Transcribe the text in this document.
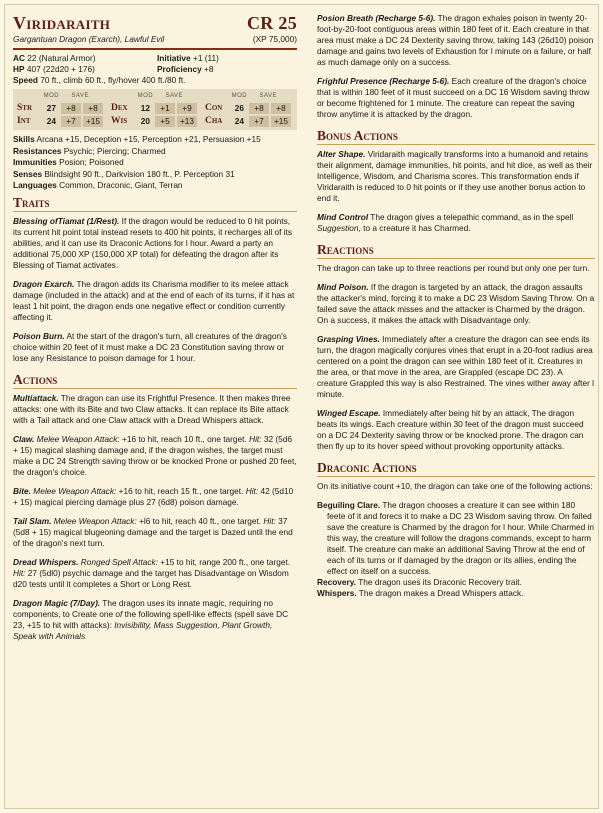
Viridaraith	CR 25
Gargantuan Dragon (Exarch), Lawful Evil	(XP 75,000)
AC 22 (Natural Armor)	Initiative +1 (11)
HP 407 (22d20 + 176)	Proficiency +8
Speed 70 ft., climb 60 ft., fly/hover 400 ft./80 ft.
MOD SAVE	MOD SAVE	MOD SAVE
Str	27	+8	+8	Dex	12	+1	+9	Con	26	+8	+8
Int	24	+7	+15	Wis	20	+5	+13	Cha	24	+7	+15
Skills Arcana +15, Deception +15, Perception +21, Persuasion +15
Resistances Psychic; Piercing; Charmed
Immunities Posion; Poisoned
Senses Blindsight 90 ft., Darkvision 180 ft., P. Perception 31
Languages Common, Draconic, Giant, Terran
Traits
Blessing ofTiamat (1/Rest). If the dragon would be reduced to 0 hit points, its current hit point total instead resets to 400 hit points, it recharges all of its abilities, and it can use its Draconic Actions for l hour. Award a party an additional 75,000 XP (150,000 XP total) for defeating the dragon after its Blessing of Tiamat activates.
Dragon Exarch. The dragon adds its Charisma modifier to its melee attack damage (included in the attack) and at the end of each of its turns, if it has at least 1 hit point, the dragon ends one negative effect or condition currently affecting it.
Poison Burn. At the start of the dragon's turn, all creatures of the dragon's choice within 20 feet of it must make a DC 23 Constitution saving throw or lose any Resistance to poison damage for 1 hour.
Actions
Multiattack. The dragon can use its Frightful Presence. It then makes three attacks: one with its Bite and two Claw attacks. It can replace its Bite attack with a Tail attack and one Claw attack with a Dread Whispers attack.
Claw. Melee Weapon Attack: +16 to hit, reach 10 ft., one target. Hit: 32 (5d6 + 15) magical slashing damage and, if the dragon wishes, the target must make a DC 24 Strength saving throw or be knocked Prone or pushed 20 feet, the dragon's choice.
Bite. Melee Weapon Attack: +16 to hit, reach 15 ft., one target. Hit: 42 (5d10 + 15) magical piercing damage plus 27 (6d8) poison damage.
Tail Slam. Melee Weapon Attack: +l6 to hit, reach 40 ft., one target. Hit: 37 (5d8 + 15) magical blugeoning damage and the target is Dazed until the end of the dragon's next turn.
Dread Whispers. Ronged Spell Attack: +15 to hit, range 200 ft., one target. Hit: 27 (5dl0) psychic damage and the target has Disadvantage on Wisdom d20 tests until it completes a Short or Long Rest.
Dragon Magic (7/Day). The dragon uses its innate magic, requiring no components, to Create one of the following spell-like effects (spell save DC 23, +15 to hit with attacks): Invisibility, Mass Suggestion, Plant Growth, Speak with Animals
Posion Breath (Recharge 5-6). The dragon exhales poison in twenty 20-foot-by-20-foot contiguous areas within 180 feet of it. Each creature in that area must make a DC 24 Dexterity saving throw, taking 143 (26d10) poison damage and gains two levels of Exhaustion for l minute on a failure, or half as much damage only on a success.
Frighful Presence (Recharge 5-6). Each creature of the dragon's choice that is within 180 feet of it must succeed on a DC 16 Wisdom saving throw or become frightened for 1 minute. The creature can repeat the saving throw anytime it is attacked by the dragon.
Bonus Actions
Alter Shape. Viridaraith magically transforms into a humanoid and retains their alignment, damage immunities, hit points, and hit dice, as well as their Intelligence, Wisdom, and Charisma scores. This transformation ends if Viridaraith is reduced to 0 hit points or if they use another bonus action to end it.
Mind Control The dragon gives a telepathic command, as in the spell Suggestion, to a creature it has Charmed.
Reactions
The dragon can take up to three reactions per round but only one per turn.
Mind Poison. If the dragon is targeted by an attack, the dragon assaults the attacker's mind, forcing it to make a DC 23 Wisdom Saving Throw. On a failed save the attack misses and the attacker is Charmed by the dragon. On a success, it makes the attack with Disadvantage only.
Grasping Vines. Immediately after a creature the dragon can see ends its turn, the dragon magically conjures vines that erupt in a 20-foot radius area centered on a point the dragon can see within 180 feet of it. Creatures in the area, or that move in the area, are Grappled (escape DC 23). A creature Grappled this way is also Restrained. The vines wither away after l minute.
Winged Escape. Immediately after being hit by an attack, The dragon beats its wings. Each creature within 30 feet of the dragon must succeed on a DC 24 Dexterity saving throw or be knocked prone. The dragon can then fly up to its hover speed without provoking opportunity attacks.
Draconic Actions
On its initiative count +10, the dragon can take one of the following actions:
Beguiling Clare. The dragon chooses a creature it can see within 180 feete of it and forecs it to make a DC 23 Wisdom saving throw. On failed save the creature is Charmed by the dragon for l hour. While Charmed in this way, the creature will follow the dragons commands, except to harm itself. The creature can make an additional Saving Throw at the end of each of its turns or if damaged by the dragon or its allies, ending the effect on itself on a success.
Recovery. The dragon uses its Draconic Recovery trait.
Whispers. The dragon makes a Dread Whispers attack.
